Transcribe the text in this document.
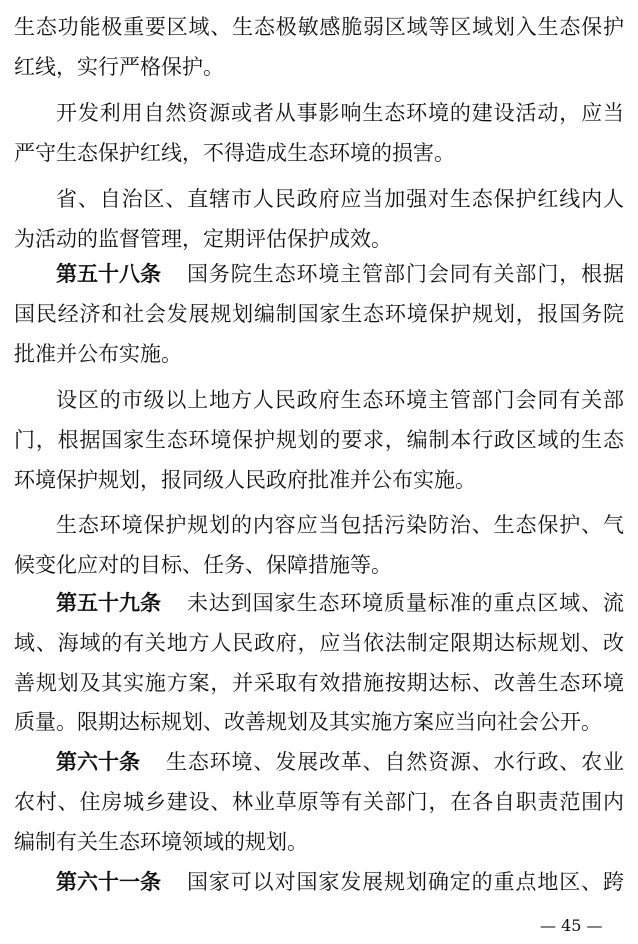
生态功能极重要区域、生态极敏感脆弱区域等区域划入生态保护
红线，实行严格保护。
开发利用自然资源或者从事影响生态环境的建设活动，应当
严守生态保护红线，不得造成生态环境的损害。
省、自治区、直辖市人民政府应当加强对生态保护红线内人
为活动的监督管理，定期评估保护成效。
第五十八条 国务院生态环境主管部门会同有关部门，根据
国民经济和社会发展规划编制国家生态环境保护规划，报国务院
批准并公布实施。
设区的市级以上地方人民政府生态环境主管部门会同有关部
门，根据国家生态环境保护规划的要求，编制本行政区域的生态
环境保护规划，报同级人民政府批准并公布实施。
生态环境保护规划的内容应当包括污染防治、生态保护、气
候变化应对的目标、任务、保障措施等。
第五十九条 未达到国家生态环境质量标准的重点区域、流
域、海域的有关地方人民政府，应当依法制定限期达标规划、改
善规划及其实施方案，并采取有效措施按期达标、改善生态环境
质量。限期达标规划、改善规划及其实施方案应当向社会公开。
第六十条 生态环境、发展改革、自然资源、水行政、农业
农村、住房城乡建设、林业草原等有关部门，在各自职责范围内
编制有关生态环境领域的规划。
第六十一条 国家可以对国家发展规划确定的重点地区、跨
— 45 —
